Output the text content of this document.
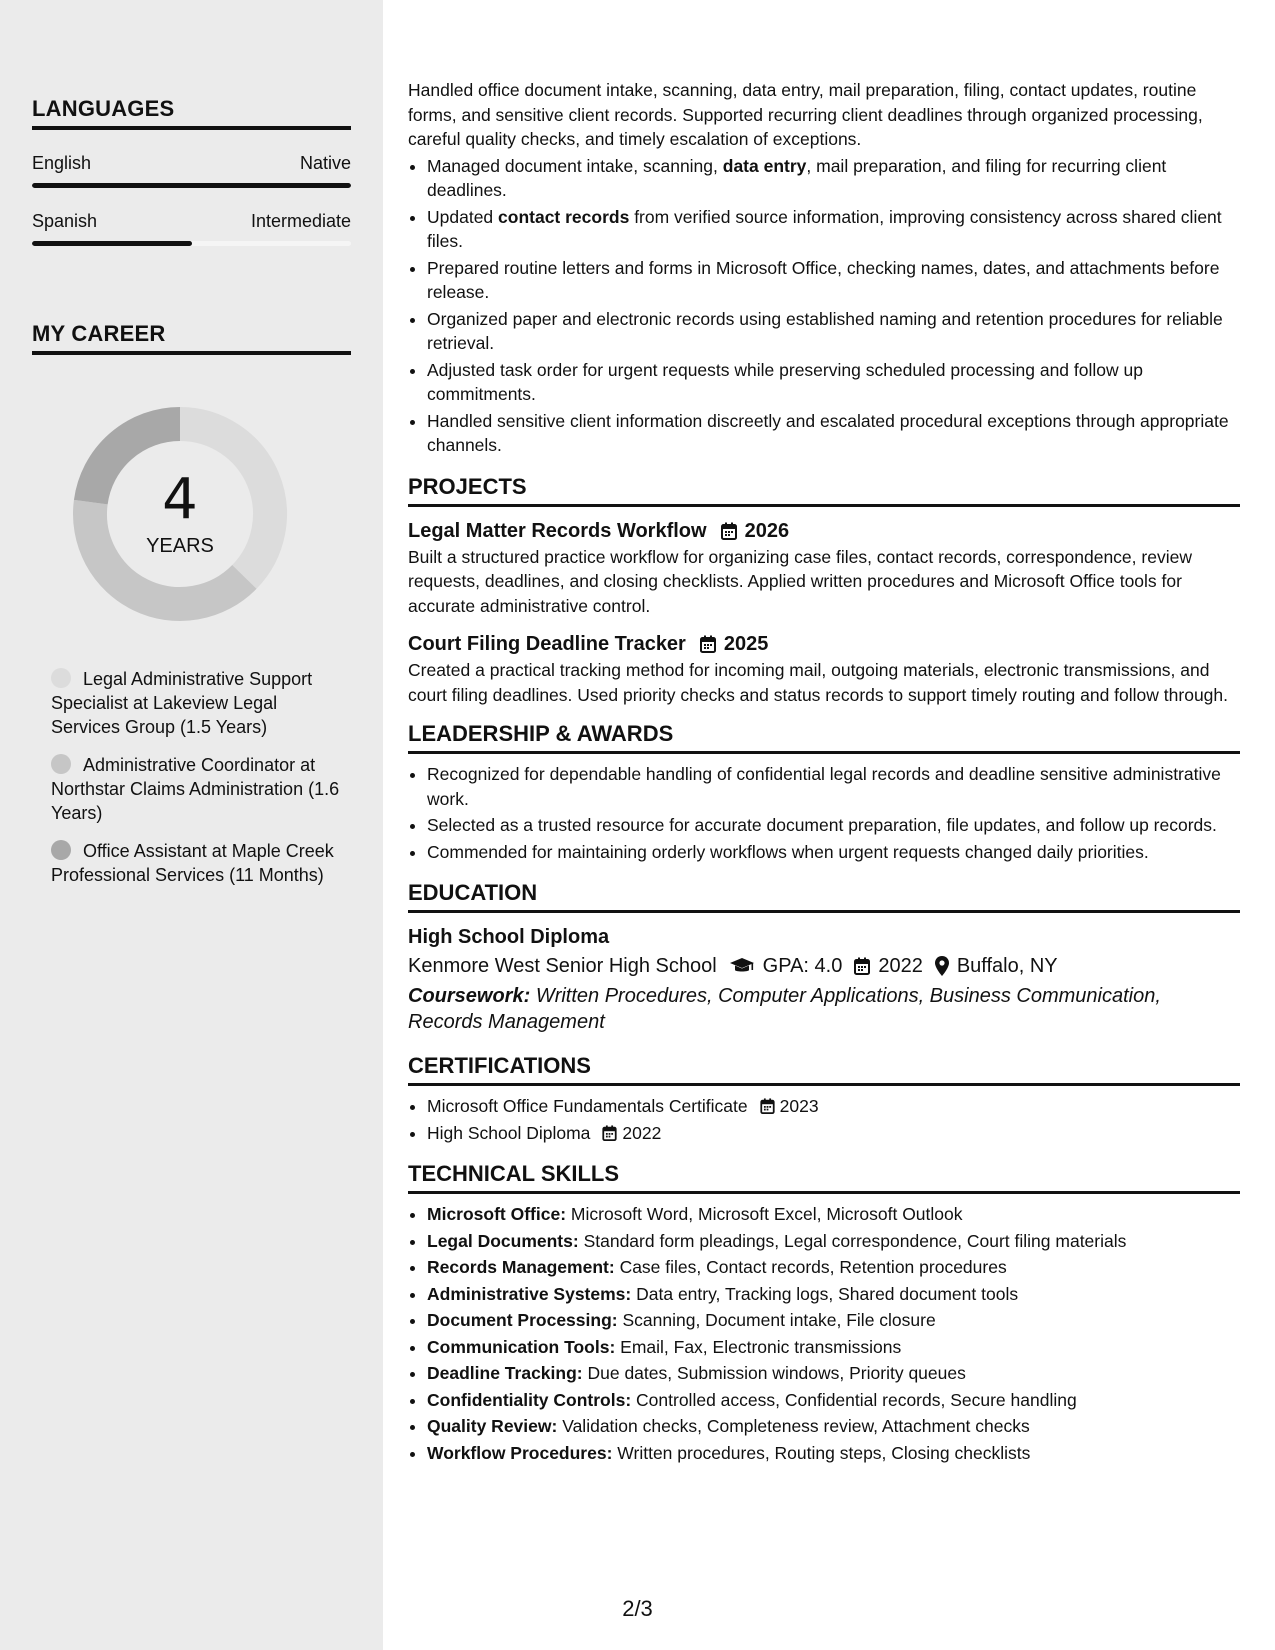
LANGUAGES
English	Native
Spanish	Intermediate
MY CAREER
4
YEARS
Legal Administrative Support Specialist at Lakeview Legal Services Group (1.5 Years)
Administrative Coordinator at Northstar Claims Administration (1.6 Years)
Office Assistant at Maple Creek Professional Services (11 Months)

Handled office document intake, scanning, data entry, mail preparation, filing, contact updates, routine forms, and sensitive client records. Supported recurring client deadlines through organized processing, careful quality checks, and timely escalation of exceptions.

• Managed document intake, scanning, data entry, mail preparation, and filing for recurring client deadlines.
• Updated contact records from verified source information, improving consistency across shared client files.
• Prepared routine letters and forms in Microsoft Office, checking names, dates, and attachments before release.
• Organized paper and electronic records using established naming and retention procedures for reliable retrieval.
• Adjusted task order for urgent requests while preserving scheduled processing and follow up commitments.
• Handled sensitive client information discreetly and escalated procedural exceptions through appropriate channels.
PROJECTS
Legal Matter Records Workflow 2026

Built a structured practice workflow for organizing case files, contact records, correspondence, review requests, deadlines, and closing checklists. Applied written procedures and Microsoft Office tools for accurate administrative control.

Court Filing Deadline Tracker 2025

Created a practical tracking method for incoming mail, outgoing materials, electronic transmissions, and court filing deadlines. Used priority checks and status records to support timely routing and follow through.

LEADERSHIP & AWARDS
• Recognized for dependable handling of confidential legal records and deadline sensitive administrative work.
• Selected as a trusted resource for accurate document preparation, file updates, and follow up records.
• Commended for maintaining orderly workflows when urgent requests changed daily priorities.
EDUCATION
High School Diploma
Kenmore West Senior High School GPA: 4.0 2022 Buffalo, NY
Coursework: Written Procedures, Computer Applications, Business Communication, Records Management
CERTIFICATIONS
• Microsoft Office Fundamentals Certificate 2023
• High School Diploma 2022
TECHNICAL SKILLS
• Microsoft Office: Microsoft Word, Microsoft Excel, Microsoft Outlook
• Legal Documents: Standard form pleadings, Legal correspondence, Court filing materials
• Records Management: Case files, Contact records, Retention procedures
• Administrative Systems: Data entry, Tracking logs, Shared document tools
• Document Processing: Scanning, Document intake, File closure
• Communication Tools: Email, Fax, Electronic transmissions
• Deadline Tracking: Due dates, Submission windows, Priority queues
• Confidentiality Controls: Controlled access, Confidential records, Secure handling
• Quality Review: Validation checks, Completeness review, Attachment checks
• Workflow Procedures: Written procedures, Routing steps, Closing checklists
2/3
